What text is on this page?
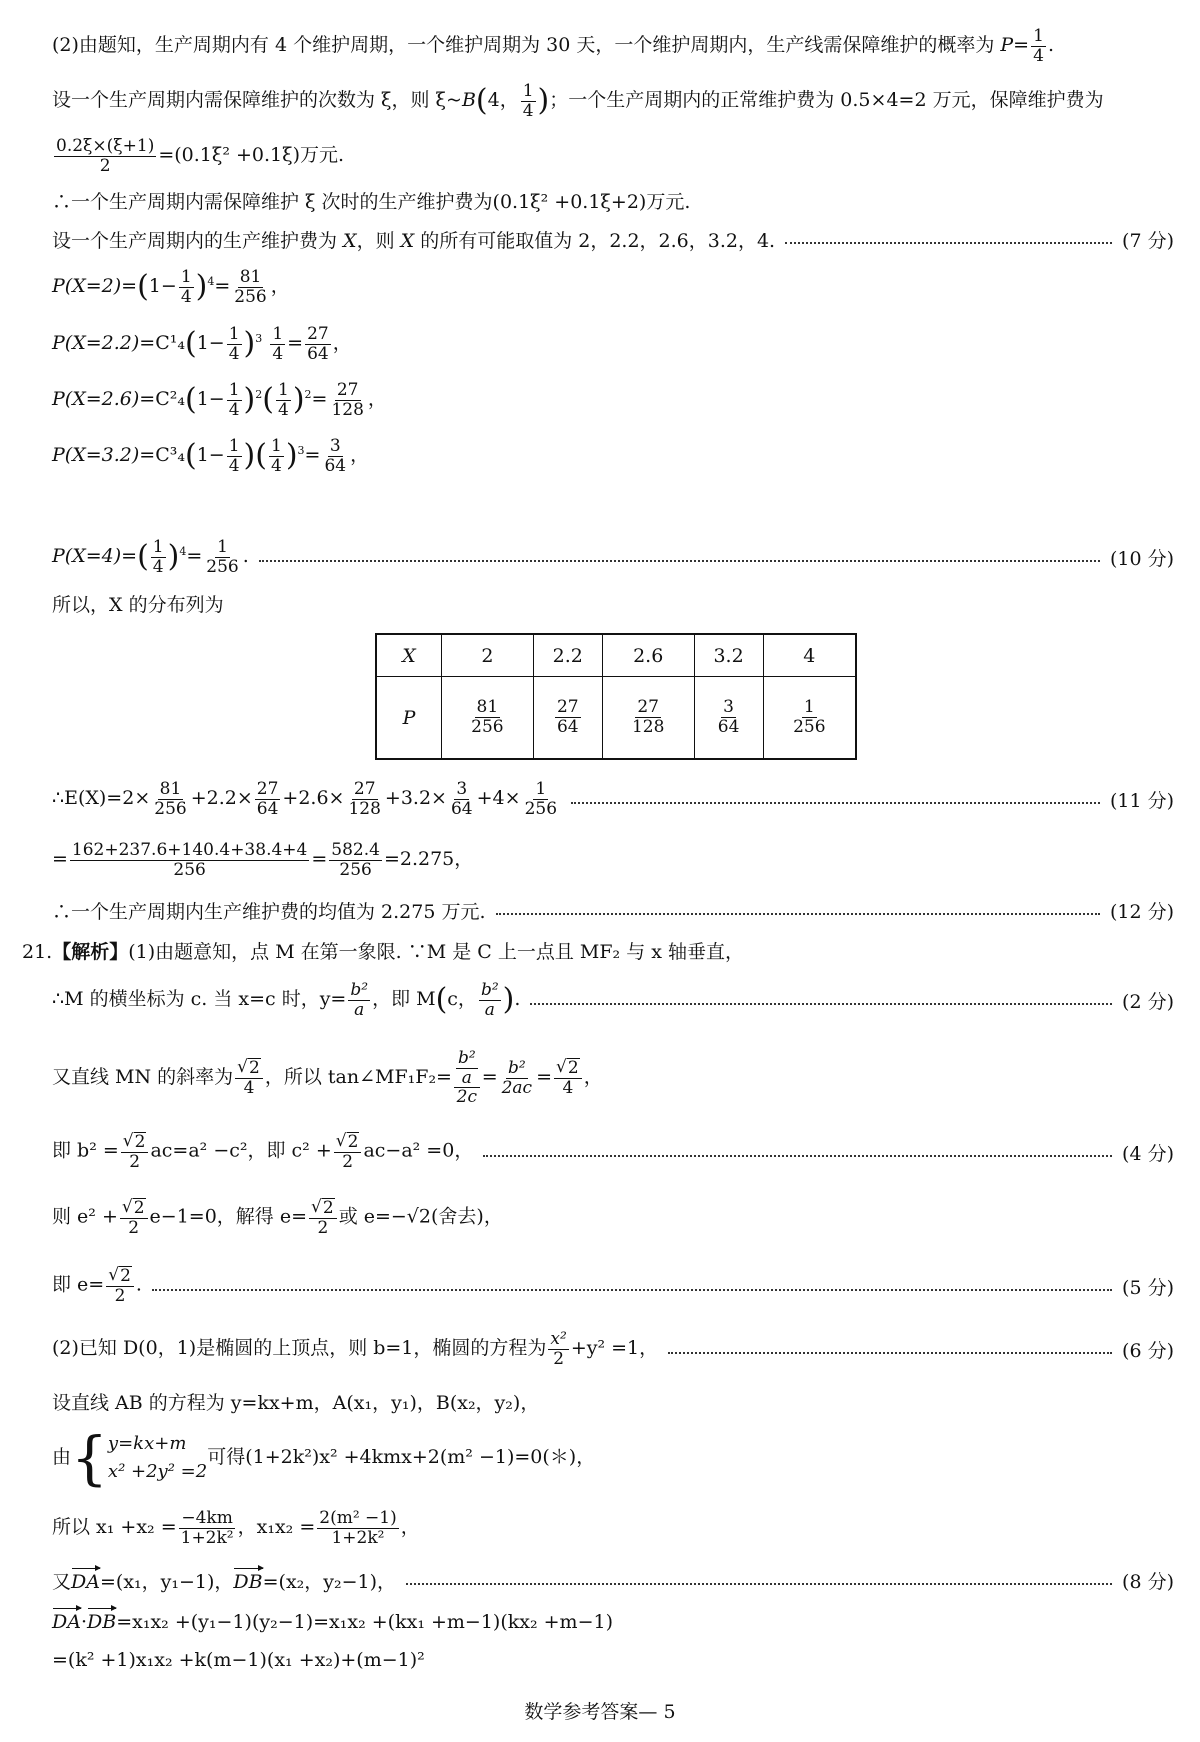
(2)由题知，生产周期内有 4 个维护周期，一个维护周期为 30 天，一个维护周期内，生产线需保障维护的概率为 $P= \frac{1}{4}$ .
设一个生产周期内需保障维护的次数为 ξ，则 ξ~B(4， $\frac{1}{4}$ )；一个生产周期内的正常维护费为 0.5×4=2 万元，保障维护费为
$\frac{0.2\xi\times(\xi+1)}{2} =(0.1\xi^2 +0.1\xi)$万元.
∴一个生产周期内需保障维护 ξ 次时的生产维护费为(0.1ξ² +0.1ξ+2)万元.
设一个生产周期内的生产维护费为 X，则 X 的所有可能取值为 2，2.2，2.6，3.2，4.	(7 分)
$P(X=2)=(1- \frac{1}{4} )^4= \frac{81}{256}$ ，
$P(X=2.2)=C^1_4(1- \frac{1}{4} )^3 \frac{1}{4} = \frac{27}{64}$ ，
$P(X=2.6)=C^2_4(1- \frac{1}{4} )^2( \frac{1}{4} )^2= \frac{27}{128}$ ，
$P(X=3.2)=C^3_4(1- \frac{1}{4}$ )( $\frac{1}{4} )^3= \frac{3}{64}$ ，
$P(X=4)=( \frac{1}{4} )^4= \frac{1}{256}$ .	(10 分)
所以，X 的分布列为
X	2	2.2	2.6	3.2	4
P	$\frac{81}{256}$	$\frac{27}{64}$	$\frac{27}{128}$	$\frac{3}{64}$	$\frac{1}{256}$
∴E(X)=2× $\frac{81}{256} +2.2\times \frac{27}{64} +2.6\times \frac{27}{128} +3.2\times \frac{3}{64} +4\times \frac{1}{256}$	(11 分)
= $\frac{162+237.6+140.4+38.4+4}{256} = \frac{582.4}{256} =2.275$，
∴一个生产周期内生产维护费的均值为 2.275 万元.	(12 分)
21.【解析】(1)由题意知，点 M 在第一象限. ∵M 是 C 上一点且 MF₂ 与 x 轴垂直，
∴M 的横坐标为 c. 当 x=c 时，$y= \frac{\text{b²}}{a}$ ，即 M(c， $\frac{\text{b²}}{a}$ ).	(2 分)
又直线 MN 的斜率为 $\frac{√ 2}{4}$ ，所以 tan∠MF₁F₂= $\frac{\frac{\text{b²}}{a}}{2c} = \frac{\text{b²}}{2ac} = \frac{√ 2}{4}$ ，
即 $b^2 = \frac{√ 2}{2} ac=a^2 -c^2$，即 $c^2 + \frac{√ 2}{2} ac-a^2 =0$，	(4 分)
则 $e^2 + \frac{√ 2}{2} e-1=0$，解得 $e= \frac{√ 2}{2}$ 或 e=−√2(舍去)，
即 $e= \frac{√ 2}{2}$ .	(5 分)
(2)已知 D(0，1)是椭圆的上顶点，则 b=1，椭圆的方程为 $\frac{\text{x²}}{2} +y^2 =1$，	(6 分)
设直线 AB 的方程为 y=kx+m，A(x₁，y₁)，B(x₂，y₂)，
由{ y=kx+m
x² +2y² =2
可得(1+2k²)x² +4kmx+2(m² −1)=0(＊)，
所以 $x_1 +x_2 = \frac{-4km}{\text{1+2k²}}$ ，$x_1x_2 = \frac{\text{2(m² −1)}}{\text{1+2k²}}$ ，
又DA=(x₁，y₁−1)，DB=(x₂，y₂−1)，	(8 分)
DA·DB=x₁x₂ +(y₁−1)(y₂−1)=x₁x₂ +(kx₁ +m−1)(kx₂ +m−1)
=(k² +1)x₁x₂ +k(m−1)(x₁ +x₂)+(m−1)²
数学参考答案— 5
